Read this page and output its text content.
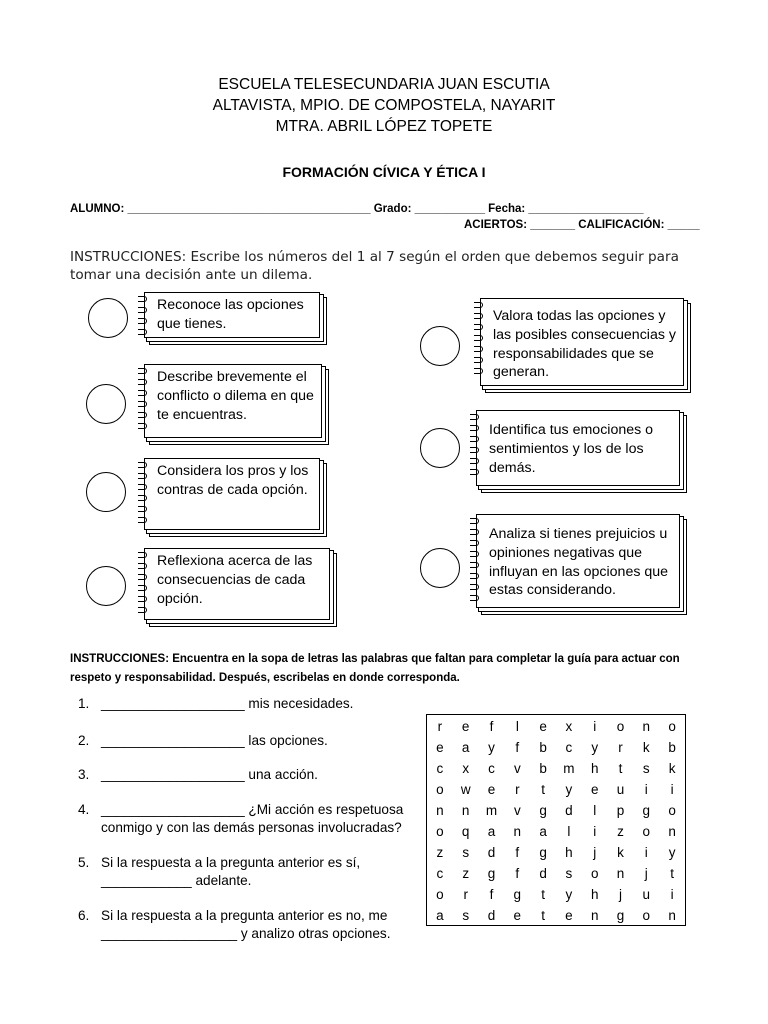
ESCUELA TELESECUNDARIA JUAN ESCUTIA
ALTAVISTA, MPIO. DE COMPOSTELA, NAYARIT
MTRA. ABRIL LÓPEZ TOPETE
FORMACIÓN CÍVICA Y ÉTICA I
ALUMNO: ______________________________________ Grado: ___________ Fecha: __________________
ACIERTOS: _______ CALIFICACIÓN: _____
INSTRUCCIONES: Escribe los números del 1 al 7 según el orden que debemos seguir para tomar una decisión ante un dilema.
Reconoce las opciones que tienes.
Describe brevemente el conflicto o dilema en que te encuentras.
Considera los pros y los contras de cada opción.
Reflexiona acerca de las consecuencias de cada opción.
Valora todas las opciones y las posibles consecuencias y responsabilidades que se generan.
Identifica tus emociones o sentimientos y los de los demás.
Analiza si tienes prejuicios u opiniones negativas que influyan en las opciones que estas considerando.
INSTRUCCIONES: Encuentra en la sopa de letras las palabras que faltan para completar la guía para actuar con respeto y responsabilidad. Después, escribelas en donde corresponda.
1. ___________________ mis necesidades.
2. ___________________ las opciones.
3. ___________________ una acción.
4. ___________________ ¿Mi acción es respetuosa
conmigo y con las demás personas involucradas?
5. Si la respuesta a la pregunta anterior es sí,
____________ adelante.
6. Si la respuesta a la pregunta anterior es no, me
__________________ y analizo otras opciones.
r	e	f	l	e	x	i	o	n	o
e	a	y	f	b	c	y	r	k	b
c	x	c	v	b	m	h	t	s	k
o	w	e	r	t	y	e	u	i	i
n	n	m	v	g	d	l	p	g	o
o	q	a	n	a	l	i	z	o	n
z	s	d	f	g	h	j	k	i	y
c	z	g	f	d	s	o	n	j	t
o	r	f	g	t	y	h	j	u	i
a	s	d	e	t	e	n	g	o	n
